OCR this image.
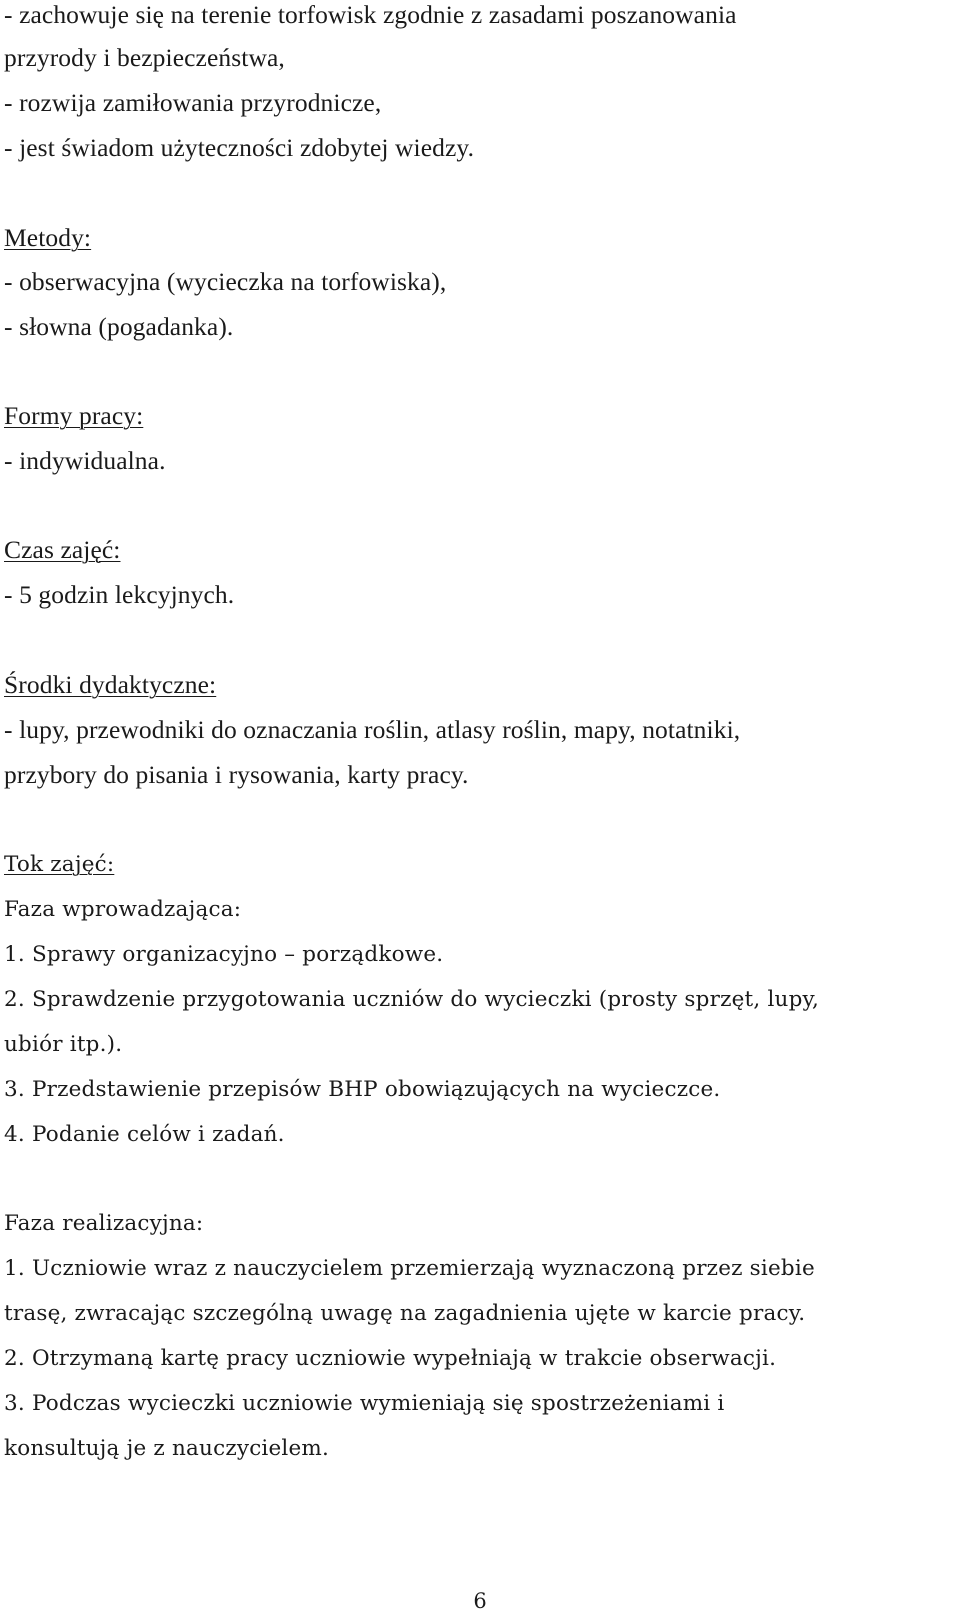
- zachowuje się na terenie torfowisk zgodnie z zasadami poszanowania
przyrody i bezpieczeństwa,
- rozwija zamiłowania przyrodnicze,
- jest świadom użyteczności zdobytej wiedzy.
Metody:
- obserwacyjna (wycieczka na torfowiska),
- słowna (pogadanka).
Formy pracy:
- indywidualna.
Czas zajęć:
- 5 godzin lekcyjnych.
Środki dydaktyczne:
- lupy, przewodniki do oznaczania roślin, atlasy roślin, mapy, notatniki,
przybory do pisania i rysowania, karty pracy.
Tok zajęć:
Faza wprowadzająca:
1. Sprawy organizacyjno – porządkowe.
2. Sprawdzenie przygotowania uczniów do wycieczki (prosty sprzęt, lupy,
ubiór itp.).
3. Przedstawienie przepisów BHP obowiązujących na wycieczce.
4. Podanie celów i zadań.
Faza realizacyjna:
1. Uczniowie wraz z nauczycielem przemierzają wyznaczoną przez siebie
trasę, zwracając szczególną uwagę na zagadnienia ujęte w karcie pracy.
2. Otrzymaną kartę pracy uczniowie wypełniają w trakcie obserwacji.
3. Podczas wycieczki uczniowie wymieniają się spostrzeżeniami i
konsultują je z nauczycielem.
6
